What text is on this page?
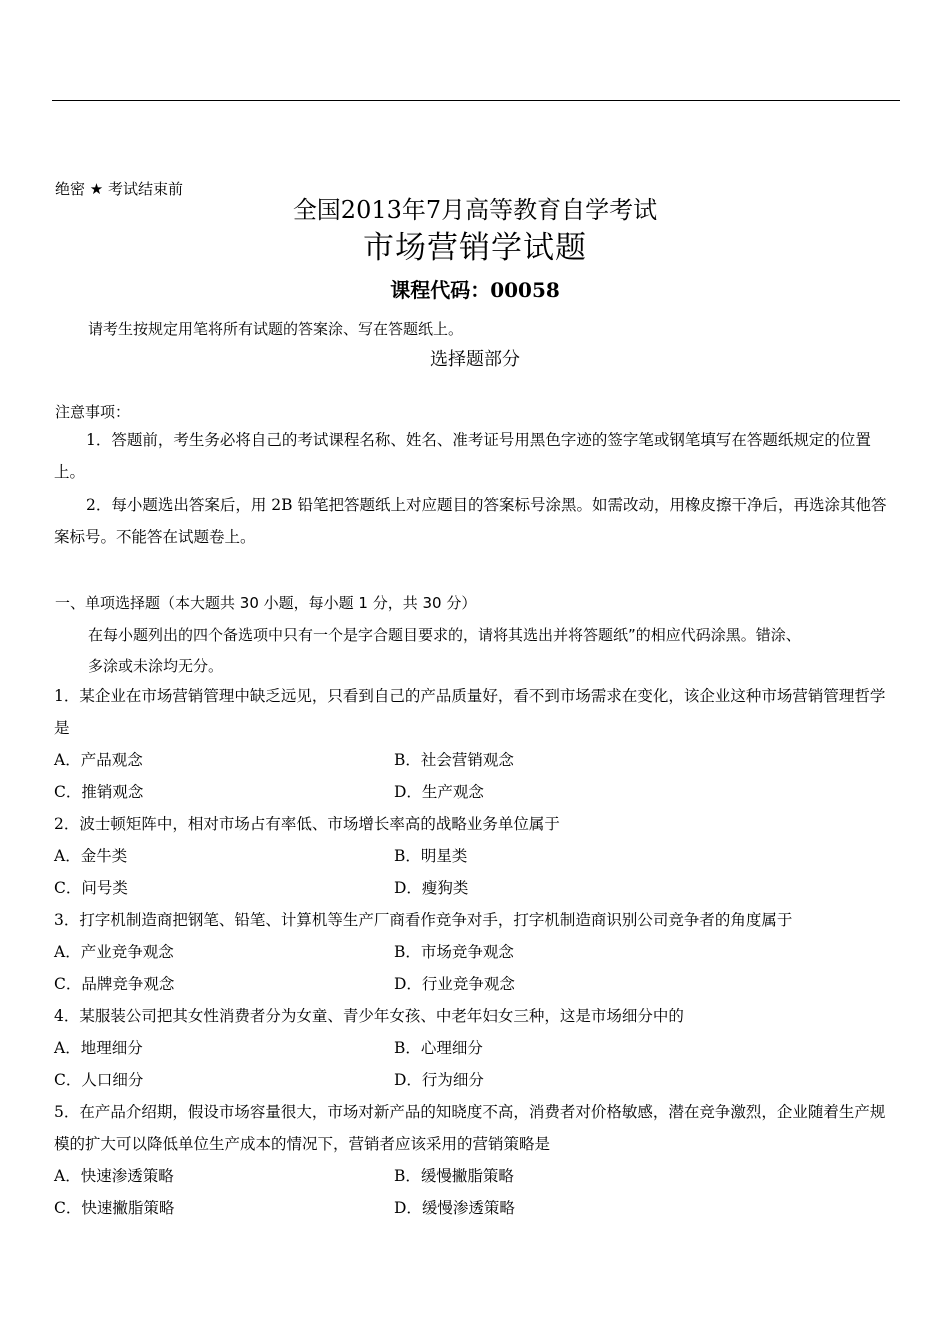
绝密 ★ 考试结束前
全国2013年7月高等教育自学考试
市场营销学试题
课程代码：00058
请考生按规定用笔将所有试题的答案涂、写在答题纸上。
选择题部分
注意事项：
1．答题前，考生务必将自己的考试课程名称、姓名、准考证号用黑色字迹的签字笔或钢笔填写在答题纸规定的位置上。
2．每小题选出答案后，用 2B 铅笔把答题纸上对应题目的答案标号涂黑。如需改动，用橡皮擦干净后，再选涂其他答案标号。不能答在试题卷上。
一、单项选择题（本大题共 30 小题，每小题 1 分，共 30 分）
在每小题列出的四个备选项中只有一个是字合题目要求的，请将其选出并将答题纸”的相应代码涂黑。错涂、
多涂或未涂均无分。
1．某企业在市场营销管理中缺乏远见，只看到自己的产品质量好，看不到市场需求在变化，该企业这种市场营销管理哲学是
A．产品观念	B．社会营销观念
C．推销观念	D．生产观念
2．波士顿矩阵中，相对市场占有率低、市场增长率高的战略业务单位属于
A．金牛类	B．明星类
C．问号类	D．瘦狗类
3．打字机制造商把钢笔、铅笔、计算机等生产厂商看作竞争对手，打字机制造商识别公司竞争者的角度属于
A．产业竞争观念	B．市场竞争观念
C．品牌竞争观念	D．行业竞争观念
4．某服装公司把其女性消费者分为女童、青少年女孩、中老年妇女三种，这是市场细分中的
A．地理细分	B．心理细分
C．人口细分	D．行为细分
5．在产品介绍期，假设市场容量很大，市场对新产品的知晓度不高，消费者对价格敏感，潜在竞争激烈，企业随着生产规模的扩大可以降低单位生产成本的情况下，营销者应该采用的营销策略是
A．快速渗透策略	B．缓慢撇脂策略
C．快速撇脂策略	D．缓慢渗透策略
